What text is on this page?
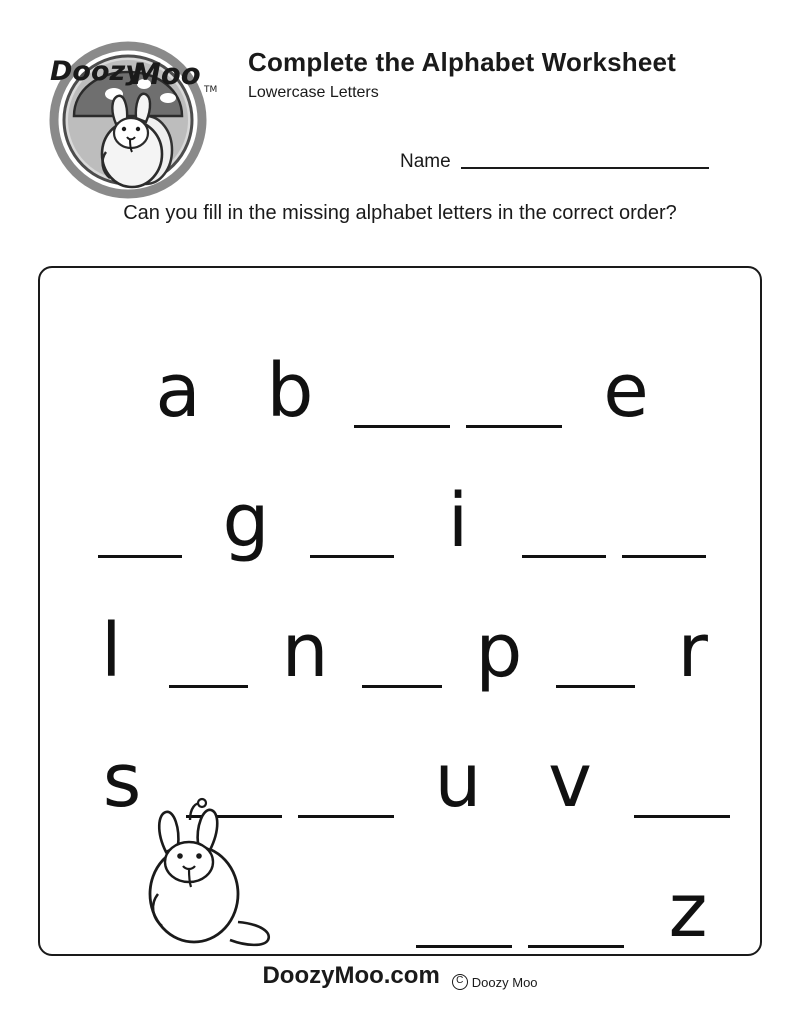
Doozy
Moo TM
Complete the Alphabet Worksheet
Lowercase Letters
Name
Can you fill in the missing alphabet letters in the correct order?
a b	e
g	i
l	n p	r
s	u v
z
DoozyMoo.com	C Doozy Moo
